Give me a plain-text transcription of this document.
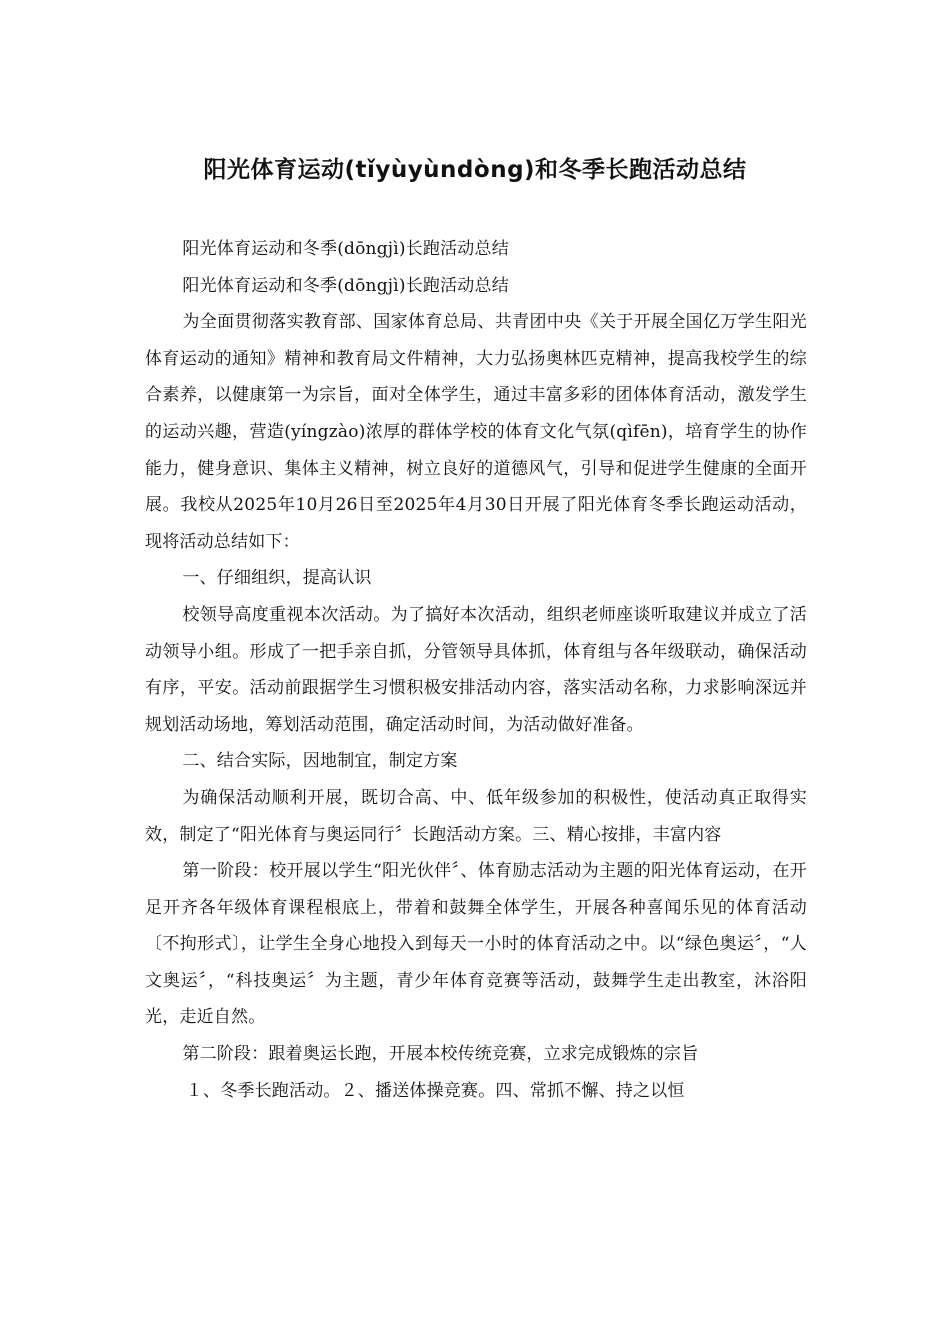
阳光体育运动(tǐyùyùndòng)和冬季长跑活动总结

阳光体育运动和冬季(dōngjì)长跑活动总结

阳光体育运动和冬季(dōngjì)长跑活动总结

为全面贯彻落实教育部、国家体育总局、共青团中央《关于开展全国亿万学生阳光体育运动的通知》精神和教育局文件精神，大力弘扬奥林匹克精神，提高我校学生的综合素养，以健康第一为宗旨，面对全体学生，通过丰富多彩的团体体育活动，激发学生的运动兴趣，营造(yíngzào)浓厚的群体学校的体育文化气氛(qìfēn)，培育学生的协作能力，健身意识、集体主义精神，树立良好的道德风气，引导和促进学生健康的全面开展。我校从2025年10月26日至2025年4月30日开展了阳光体育冬季长跑运动活动，现将活动总结如下：

一、仔细组织，提高认识

校领导高度重视本次活动。为了搞好本次活动，组织老师座谈听取建议并成立了活动领导小组。形成了一把手亲自抓，分管领导具体抓，体育组与各年级联动，确保活动有序，平安。活动前跟据学生习惯积极安排活动内容，落实活动名称，力求影响深远并规划活动场地，筹划活动范围，确定活动时间，为活动做好准备。

二、结合实际，因地制宜，制定方案

为确保活动顺利开展，既切合高、中、低年级参加的积极性，使活动真正取得实效，制定了“阳光体育与奥运同行〞长跑活动方案。三、精心按排，丰富内容

第一阶段：校开展以学生“阳光伙伴〞、体育励志活动为主题的阳光体育运动，在开足开齐各年级体育课程根底上，带着和鼓舞全体学生，开展各种喜闻乐见的体育活动〔不拘形式〕，让学生全身心地投入到每天一小时的体育活动之中。以“绿色奥运〞，“人文奥运〞，“科技奥运〞为主题，青少年体育竞赛等活动，鼓舞学生走出教室，沐浴阳光，走近自然。

第二阶段：跟着奥运长跑，开展本校传统竞赛，立求完成锻炼的宗旨

１、冬季长跑活动。２、播送体操竞赛。四、常抓不懈、持之以恒
